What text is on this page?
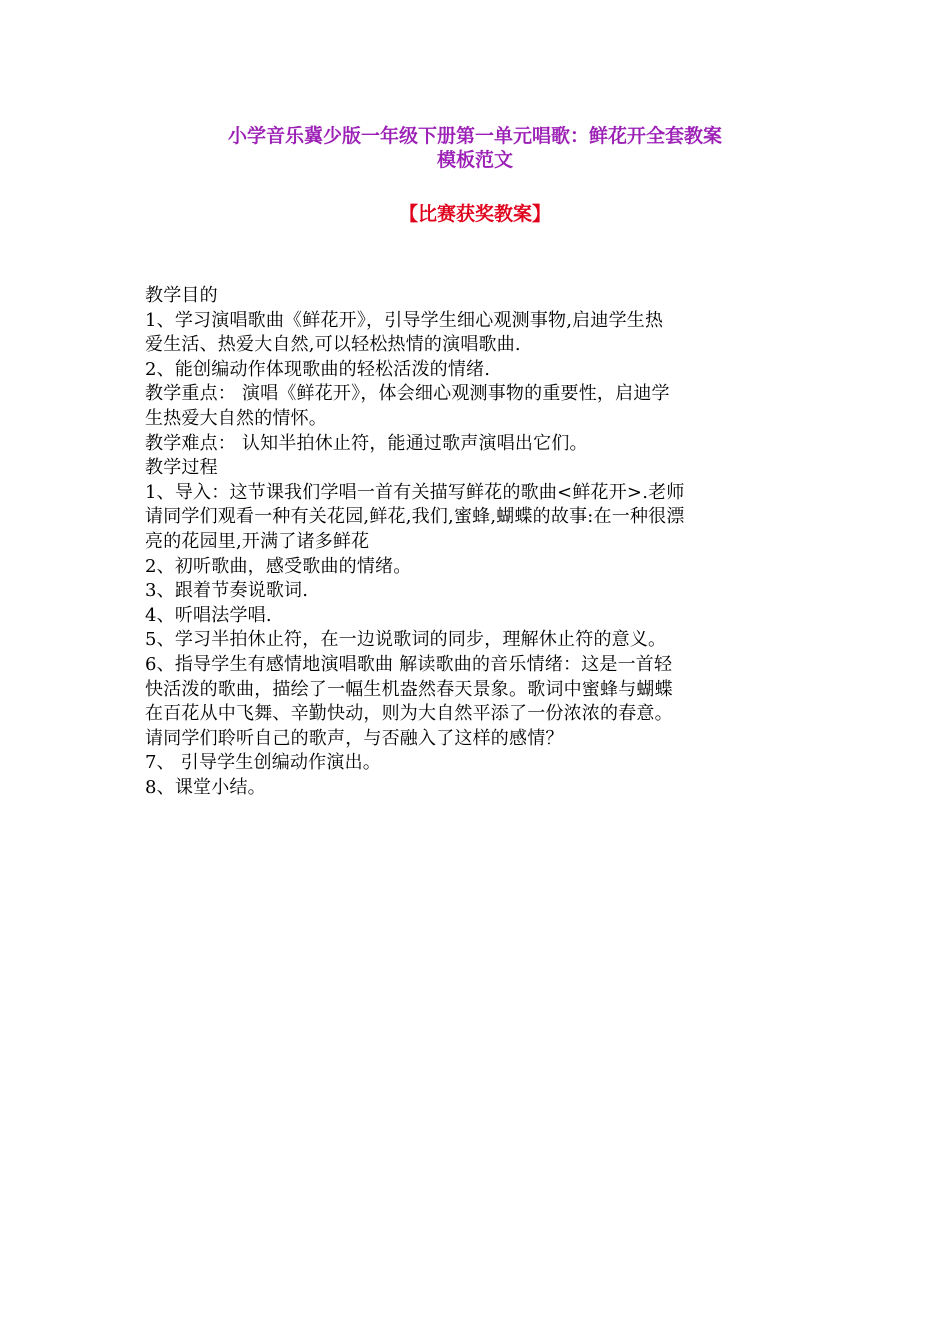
小学音乐冀少版一年级下册第一单元唱歌：鲜花开全套教案
模板范文
【比赛获奖教案】

教学目的

1、学习演唱歌曲《鲜花开》，引导学生细心观测事物,启迪学生热

爱生活、热爱大自然,可以轻松热情的演唱歌曲.

2、能创编动作体现歌曲的轻松活泼的情绪.

教学重点： 演唱《鲜花开》，体会细心观测事物的重要性，启迪学

生热爱大自然的情怀。

教学难点： 认知半拍休止符，能通过歌声演唱出它们。

教学过程

1、导入：这节课我们学唱一首有关描写鲜花的歌曲<鲜花开>.老师

请同学们观看一种有关花园,鲜花,我们,蜜蜂,蝴蝶的故事:在一种很漂

亮的花园里,开满了诸多鲜花

2、初听歌曲，感受歌曲的情绪。

3、跟着节奏说歌词.

4、听唱法学唱.

5、学习半拍休止符，在一边说歌词的同步，理解休止符的意义。

6、指导学生有感情地演唱歌曲 解读歌曲的音乐情绪：这是一首轻

快活泼的歌曲，描绘了一幅生机盎然春天景象。歌词中蜜蜂与蝴蝶

在百花从中飞舞、辛勤快动，则为大自然平添了一份浓浓的春意。

请同学们聆听自己的歌声，与否融入了这样的感情？

7、 引导学生创编动作演出。

8、课堂小结。
